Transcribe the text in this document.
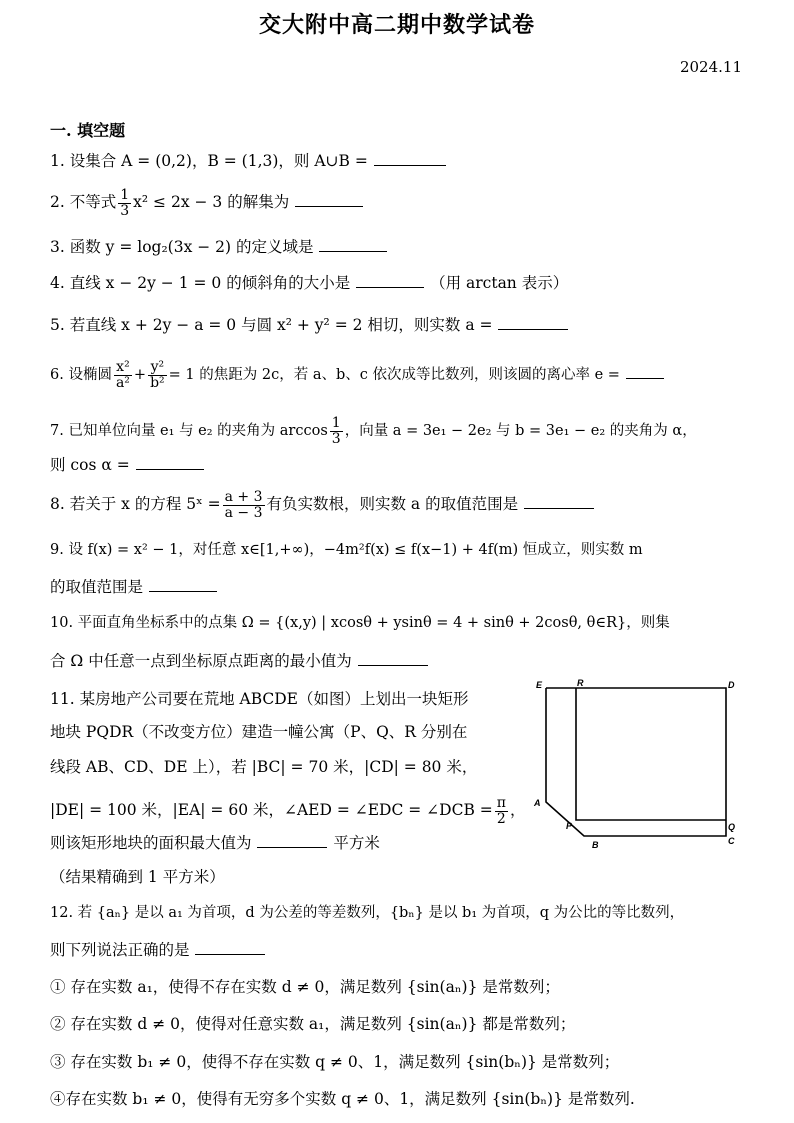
交大附中高二期中数学试卷
2024.11
一. 填空题
1. 设集合 A = (0,2)，B = (1,3)，则 A∪B =
2. 不等式 $\frac{1}{3} x^2 \le 2x - 3$ 的解集为
3. 函数 y = log₂(3x − 2) 的定义域是
4. 直线 x − 2y − 1 = 0 的倾斜角的大小是	（用 arctan 表示）
5. 若直线 x + 2y − a = 0 与圆 x² + y² = 2 相切，则实数 a =
6. 设椭圆 $\frac{\text{x²}}{\text{a²}} + \frac{\text{y²}}{\text{b²}} = 1$ 的焦距为 2c，若 a、b、c 依次成等比数列，则该圆的离心率 e =
7. 已知单位向量 e₁ 与 e₂ 的夹角为 $\arccos \frac{1}{3}$ ，向量 a = 3e₁ − 2e₂ 与 b = 3e₁ − e₂ 的夹角为 α，
则 cos α =
8. 若关于 x 的方程 5ˣ = $\frac{a + 3}{a - 3}$ 有负实数根，则实数 a 的取值范围是
9. 设 f(x) = x² − 1，对任意 x∈[1,+∞)，−4m²f(x) ≤ f(x−1) + 4f(m) 恒成立，则实数 m
的取值范围是
10. 平面直角坐标系中的点集 Ω = {(x,y) | xcosθ + ysinθ = 4 + sinθ + 2cosθ, θ∈R}，则集
合 Ω 中任意一点到坐标原点距离的最小值为
11. 某房地产公司要在荒地 ABCDE（如图）上划出一块矩形
地块 PQDR（不改变方位）建造一幢公寓（P、Q、R 分别在
线段 AB、CD、DE 上），若 |BC| = 70 米，|CD| = 80 米，
|DE| = 100 米，|EA| = 60 米，∠AED = ∠EDC = ∠DCB = $\frac{\pi}{2}$ ，
则该矩形地块的面积最大值为	平方米
（结果精确到 1 平方米）
E	R	D
A
P	Q
B	C
12. 若 {aₙ} 是以 a₁ 为首项，d 为公差的等差数列，{bₙ} 是以 b₁ 为首项，q 为公比的等比数列，
则下列说法正确的是
① 存在实数 a₁，使得不存在实数 d ≠ 0，满足数列 {sin(aₙ)} 是常数列；
② 存在实数 d ≠ 0，使得对任意实数 a₁，满足数列 {sin(aₙ)} 都是常数列；
③ 存在实数 b₁ ≠ 0，使得不存在实数 q ≠ 0、1，满足数列 {sin(bₙ)} 是常数列；
④存在实数 b₁ ≠ 0，使得有无穷多个实数 q ≠ 0、1，满足数列 {sin(bₙ)} 是常数列.
